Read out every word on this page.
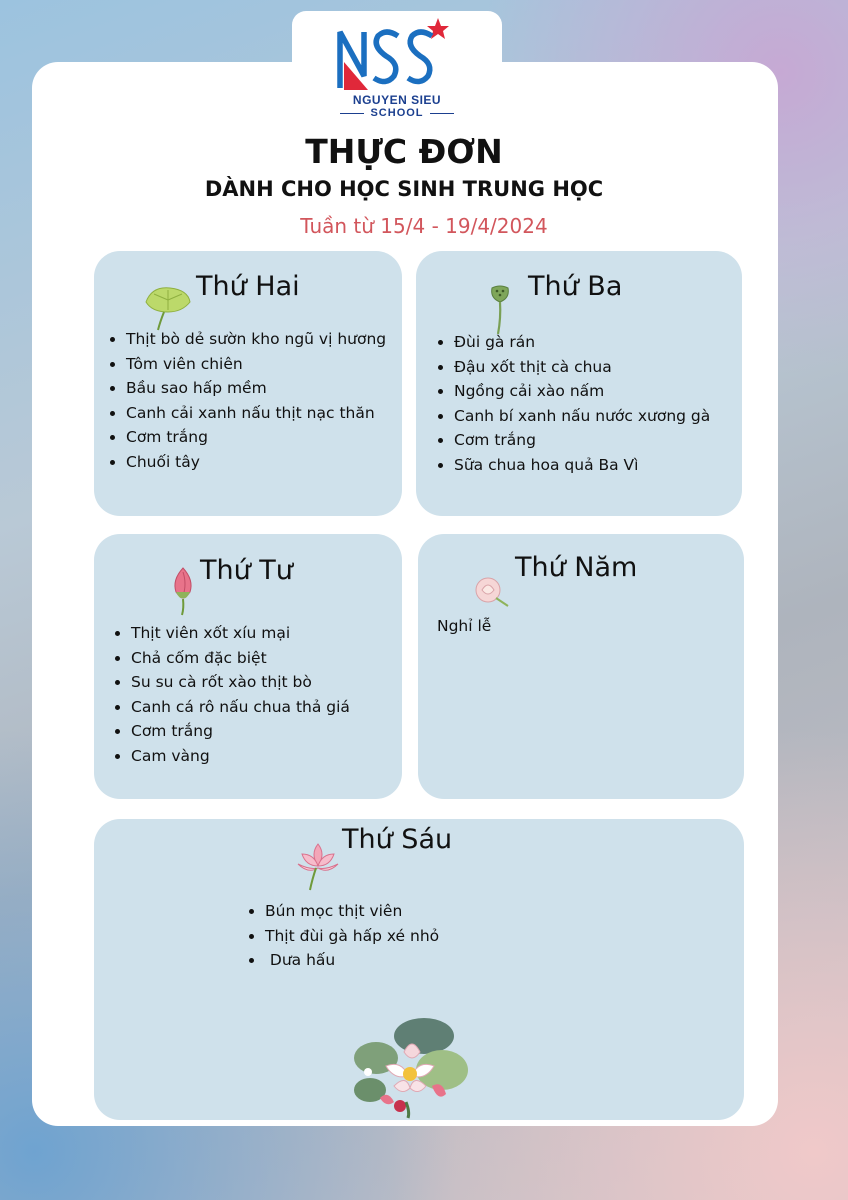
NGUYEN SIEU
SCHOOL
THỰC ĐƠN
DÀNH CHO HỌC SINH TRUNG HỌC
Tuần từ 15/4 - 19/4/2024
Thứ Hai
• Thịt bò dẻ sườn kho ngũ vị hương
• Tôm viên chiên
• Bầu sao hấp mềm
• Canh cải xanh nấu thịt nạc thăn
• Cơm trắng
• Chuối tây
Thứ Ba
• Đùi gà rán
• Đậu xốt thịt cà chua
• Ngồng cải xào nấm
• Canh bí xanh nấu nước xương gà
• Cơm trắng
• Sữa chua hoa quả Ba Vì
Thứ Tư
• Thịt viên xốt xíu mại
• Chả cốm đặc biệt
• Su su cà rốt xào thịt bò
• Canh cá rô nấu chua thả giá
• Cơm trắng
• Cam vàng
Thứ Năm
Nghỉ lễ
Thứ Sáu
• Bún mọc thịt viên
• Thịt đùi gà hấp xé nhỏ
•  Dưa hấu
